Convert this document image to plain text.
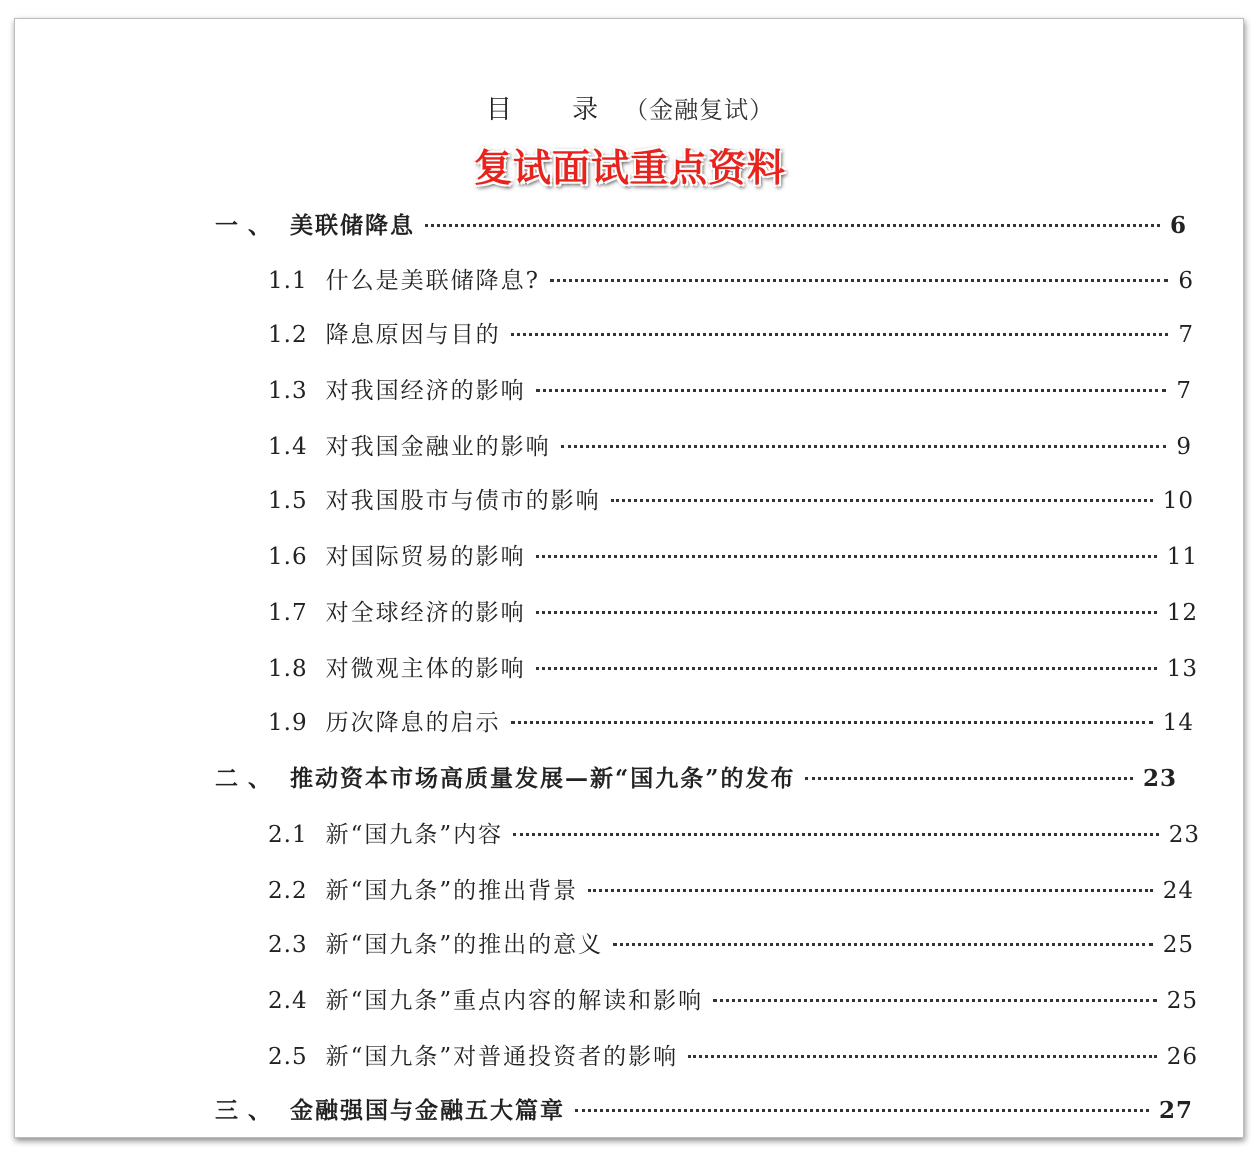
目 录（金融复试）
复试面试重点资料
一 、 美联储降息	6
1.1 什么是美联储降息?	6
1.2 降息原因与目的	7
1.3 对我国经济的影响	7
1.4 对我国金融业的影响	9
1.5 对我国股市与债市的影响	10
1.6 对国际贸易的影响	11
1.7 对全球经济的影响	12
1.8 对微观主体的影响	13
1.9 历次降息的启示	14
二 、 推动资本市场高质量发展—新“国九条”的发布	23
2.1 新“国九条”内容	23
2.2 新“国九条”的推出背景	24
2.3 新“国九条”的推出的意义	25
2.4 新“国九条”重点内容的解读和影响	25
2.5 新“国九条”对普通投资者的影响	26
三 、 金融强国与金融五大篇章	27
